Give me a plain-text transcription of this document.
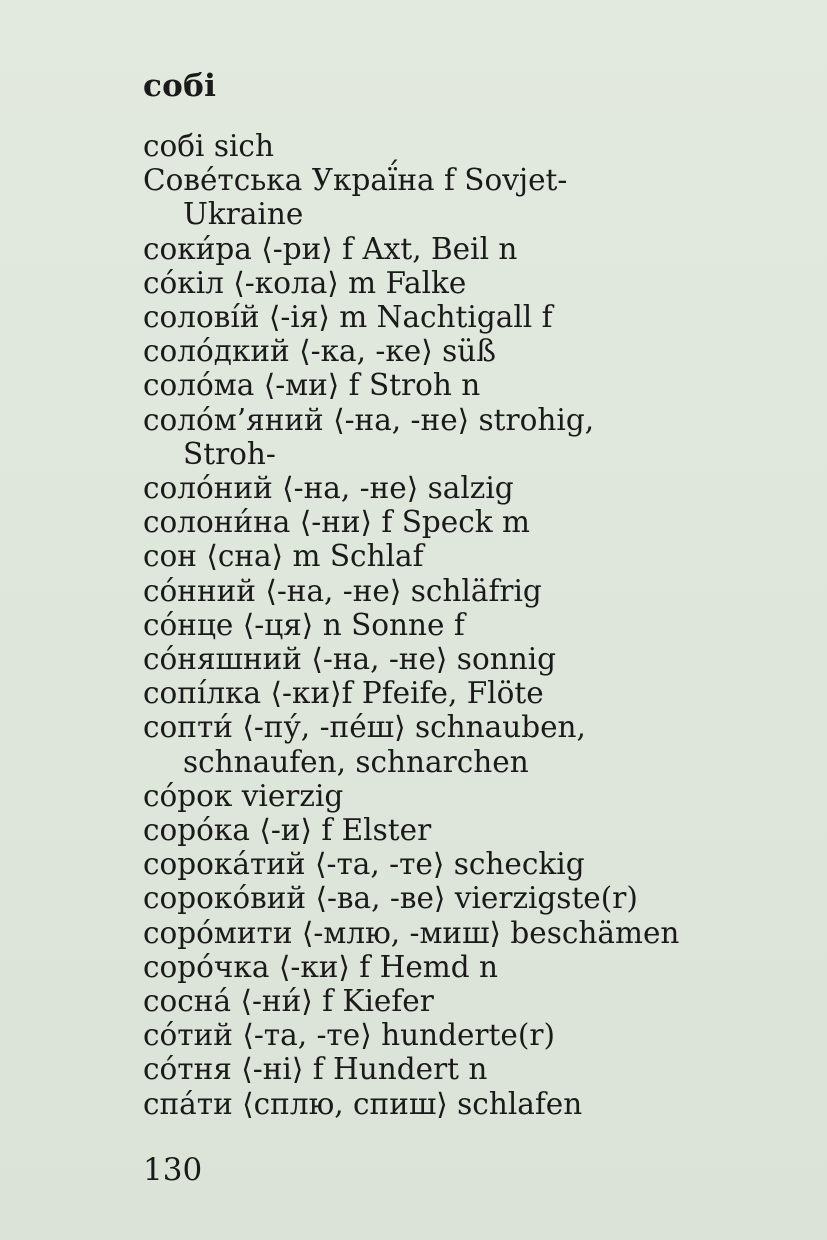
собі
собі sich
Сове́тська Украї́на f Sovjet-
Ukraine
соки́ра ⟨-ри⟩ f Axt, Beil n
со́кіл ⟨-кола⟩ m Falke
солові́й ⟨-ія⟩ m Nachtigall f
соло́дкий ⟨-ка, -ке⟩ süß
соло́ма ⟨-ми⟩ f Stroh n
соло́м’яний ⟨-на, -не⟩ strohig,
Stroh-
соло́ний ⟨-на, -не⟩ salzig
солони́на ⟨-ни⟩ f Speck m
сон ⟨сна⟩ m Schlaf
со́нний ⟨-на, -не⟩ schläfrig
со́нце ⟨-ця⟩ n Sonne f
со́няшний ⟨-на, -не⟩ sonnig
сопі́лка ⟨-ки⟩f Pfeife, Flöte
сопти́ ⟨-пу́, -пе́ш⟩ schnauben,
schnaufen, schnarchen
со́рок vierzig
соро́ка ⟨-и⟩ f Elster
сорока́тий ⟨-та, -те⟩ scheckig
сороко́вий ⟨-ва, -ве⟩ vierzigste(r)
соро́мити ⟨-млю, -миш⟩ beschämen
соро́чка ⟨-ки⟩ f Hemd n
сосна́ ⟨-ни́⟩ f Kiefer
со́тий ⟨-та, -те⟩ hunderte(r)
со́тня ⟨-ні⟩ f Hundert n
спа́ти ⟨сплю, спиш⟩ schlafen
130
